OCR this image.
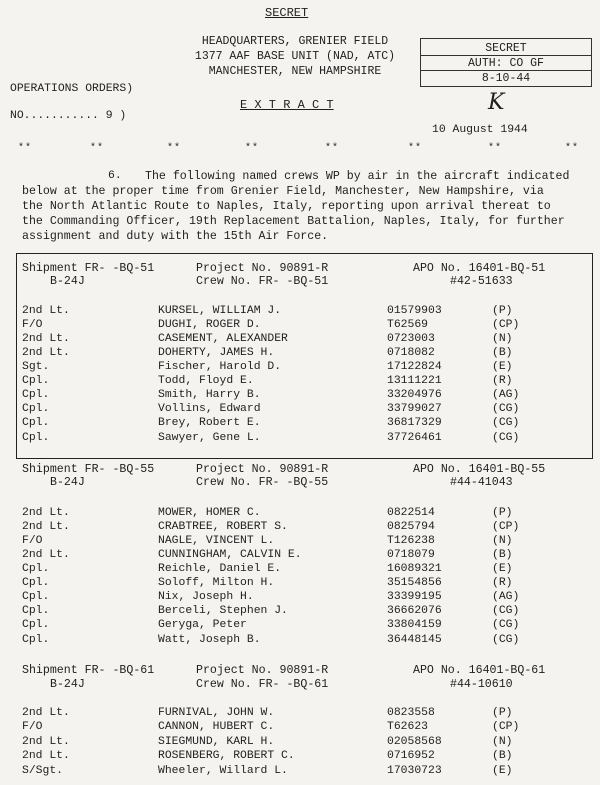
SECRET
HEADQUARTERS, GRENIER FIELD
1377 AAF BASE UNIT (NAD, ATC)
MANCHESTER, NEW HAMPSHIRE
SECRET
AUTH: CO GF
8-10-44
OPERATIONS ORDERS)
NO........... 9 )
E X T R A C T	K
10 August 1944
**	**	**	**	**	**	**	**
6. The following named crews WP by air in the aircraft indicated
below at the proper time from Grenier Field, Manchester, New Hampshire, via
the North Atlantic Route to Naples, Italy, reporting upon arrival thereat to
the Commanding Officer, 19th Replacement Battalion, Naples, Italy, for further
assignment and duty with the 15th Air Force.
Shipment FR- -BQ-51	Project No. 90891-R	APO No. 16401-BQ-51
B-24J	Crew No. FR- -BQ-51	#42-51633
2nd Lt.	KURSEL, WILLIAM J.	01579903	(P)
F/O	DUGHI, ROGER D.	T62569	(CP)
2nd Lt.	CASEMENT, ALEXANDER	0723003	(N)
2nd Lt.	DOHERTY, JAMES H.	0718082	(B)
Sgt.	Fischer, Harold D.	17122824	(E)
Cpl.	Todd, Floyd E.	13111221	(R)
Cpl.	Smith, Harry B.	33204976	(AG)
Cpl.	Vollins, Edward	33799027	(CG)
Cpl.	Brey, Robert E.	36817329	(CG)
Cpl.	Sawyer, Gene L.	37726461	(CG)
Shipment FR- -BQ-55	Project No. 90891-R	APO No. 16401-BQ-55
B-24J	Crew No. FR- -BQ-55	#44-41043
2nd Lt.	MOWER, HOMER C.	0822514	(P)
2nd Lt.	CRABTREE, ROBERT S.	0825794	(CP)
F/O	NAGLE, VINCENT L.	T126238	(N)
2nd Lt.	CUNNINGHAM, CALVIN E.	0718079	(B)
Cpl.	Reichle, Daniel E.	16089321	(E)
Cpl.	Soloff, Milton H.	35154856	(R)
Cpl.	Nix, Joseph H.	33399195	(AG)
Cpl.	Berceli, Stephen J.	36662076	(CG)
Cpl.	Geryga, Peter	33804159	(CG)
Cpl.	Watt, Joseph B.	36448145	(CG)
Shipment FR- -BQ-61	Project No. 90891-R	APO No. 16401-BQ-61
B-24J	Crew No. FR- -BQ-61	#44-10610
2nd Lt.	FURNIVAL, JOHN W.	0823558	(P)
F/O	CANNON, HUBERT C.	T62623	(CP)
2nd Lt.	SIEGMUND, KARL H.	02058568	(N)
2nd Lt.	ROSENBERG, ROBERT C.	0716952	(B)
S/Sgt.	Wheeler, Willard L.	17030723	(E)
